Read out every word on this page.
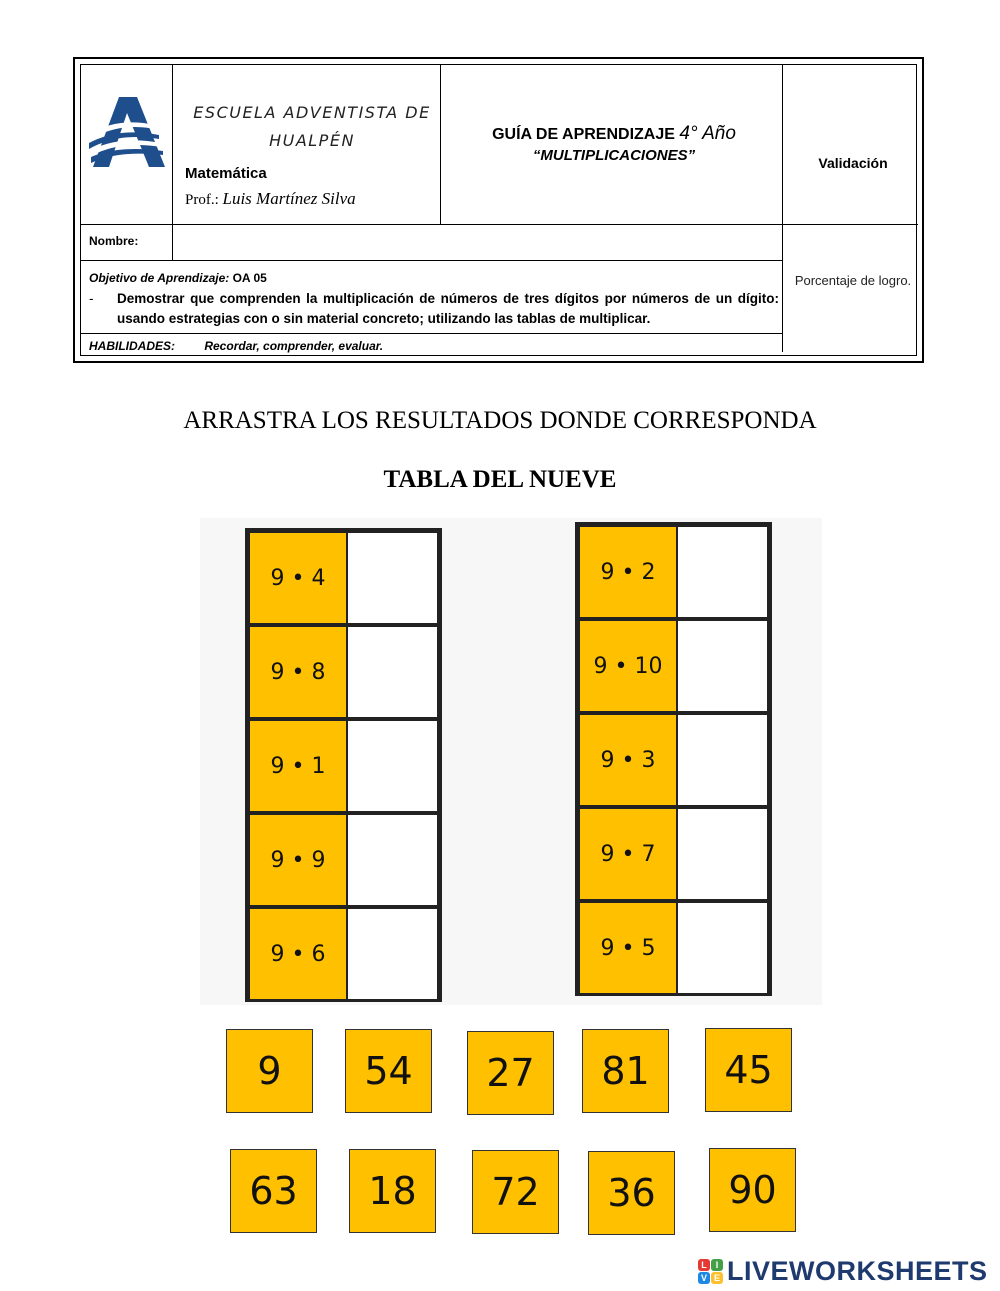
ESCUELA ADVENTISTA DE
HUALPÉN
Matemática
Prof.: Luis Martínez Silva
GUÍA DE APRENDIZAJE 4° Año
“MULTIPLICACIONES”	Validación
Nombre:
Objetivo de Aprendizaje: OA 05
- Demostrar que comprenden la multiplicación de números de tres dígitos por números de un dígito: usando estrategias con o sin material concreto; utilizando las tablas de multiplicar.
Porcentaje de logro.
HABILIDADES: Recordar, comprender, evaluar.
ARRASTRA LOS RESULTADOS DONDE CORRESPONDA
TABLA DEL NUEVE
9 • 4
9 • 8
9 • 1
9 • 9
9 • 6
9 • 2
9 • 10
9 • 3
9 • 7
9 • 5
9	54	27	81	45
63	18	72	36	90
L I
V E LIVEWORKSHEETS
